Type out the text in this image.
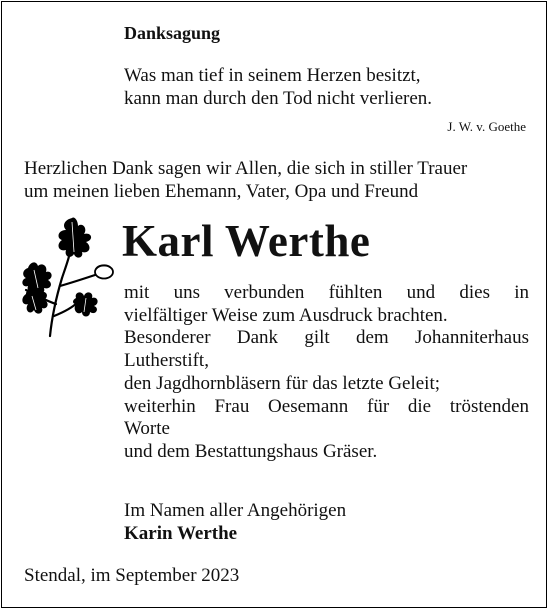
Danksagung
Was man tief in seinem Herzen besitzt,
kann man durch den Tod nicht verlieren.
J. W. v. Goethe
Herzlichen Dank sagen wir Allen, die sich in stiller Trauer
um meinen lieben Ehemann, Vater, Opa und Freund
Karl Werthe
mit uns verbunden fühlten und dies in
vielfältiger Weise zum Ausdruck brachten.
Besonderer Dank gilt dem Johanniterhaus
Lutherstift,
den Jagdhornbläsern für das letzte Geleit;
weiterhin Frau Oesemann für die tröstenden
Worte
und dem Bestattungshaus Gräser.
Im Namen aller Angehörigen
Karin Werthe
Stendal, im September 2023
